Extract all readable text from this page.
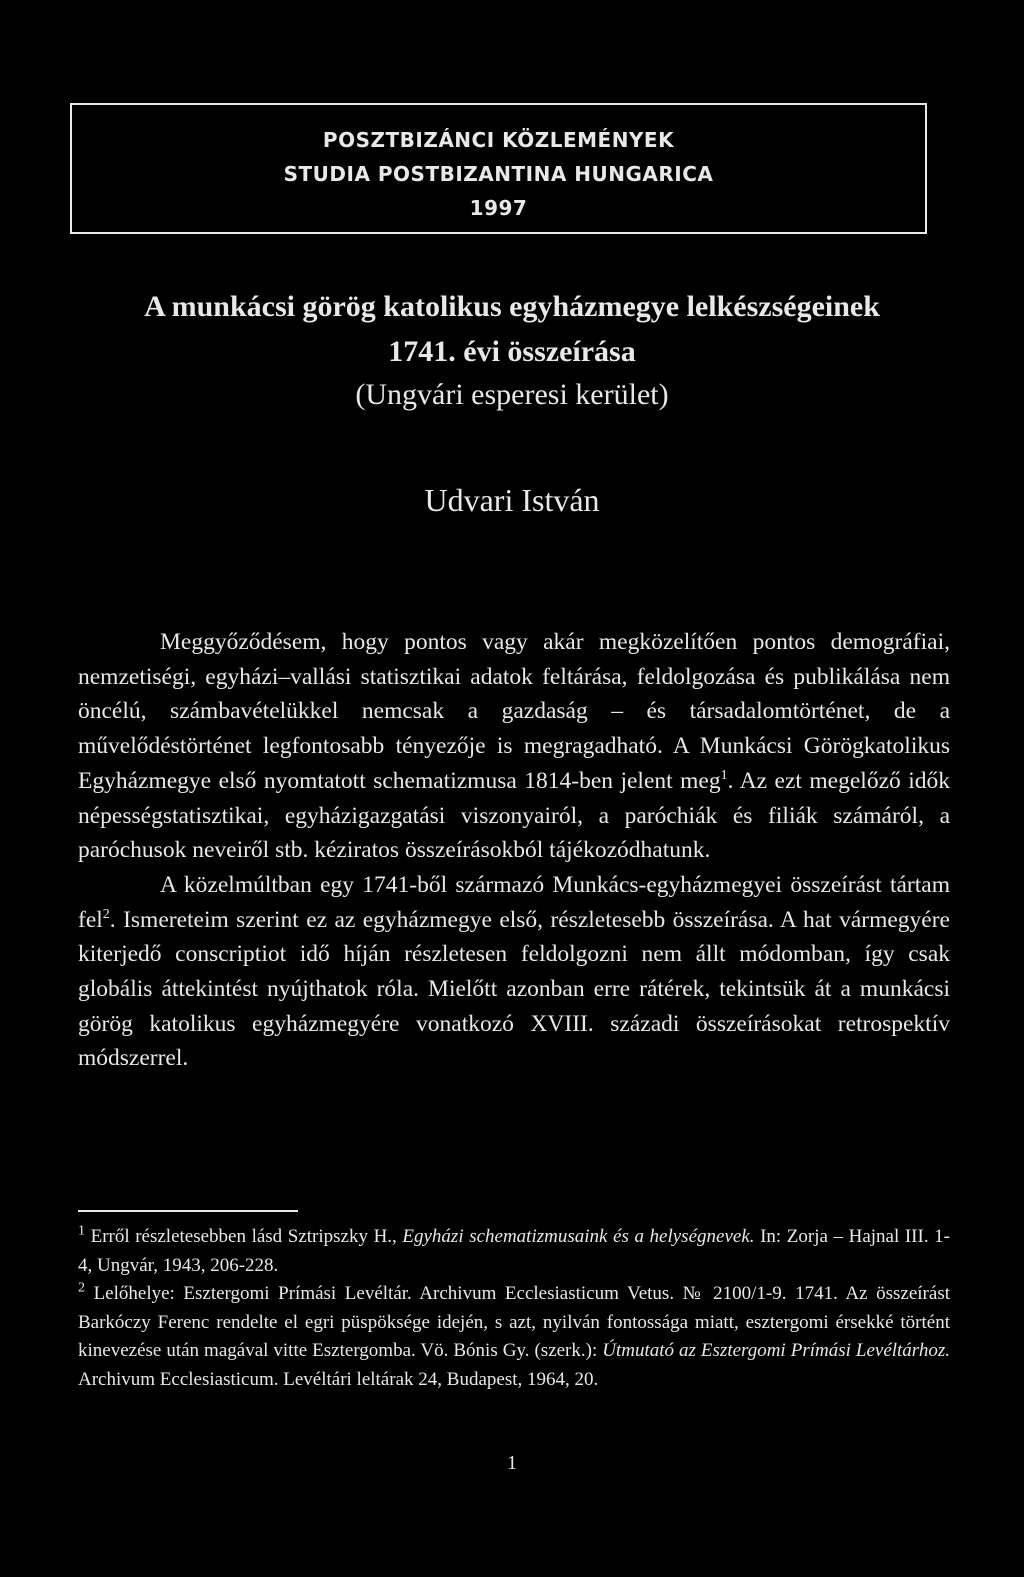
POSZTBIZÁNCI KÖZLEMÉNYEK
STUDIA POSTBIZANTINA HUNGARICA
1997
A munkácsi görög katolikus egyházmegye lelkészségeinek
1741. évi összeírása
(Ungvári esperesi kerület)
Udvari István

Meggyőződésem, hogy pontos vagy akár megközelítően pontos demográfiai, nemzetiségi, egyházi–vallási statisztikai adatok feltárása, feldolgozása és publikálása nem öncélú, számbavételükkel nemcsak a gazdaság – és társadalomtörténet, de a művelődéstörténet legfontosabb tényezője is megragadható. A Munkácsi Görögkatolikus Egyházmegye első nyomtatott schematizmusa 1814-ben jelent meg$^1$. Az ezt megelőző idők népességstatisztikai, egyházigazgatási viszonyairól, a paróchiák és filiák számáról, a paróchusok neveiről stb. kéziratos összeírásokból tájékozódhatunk.

A közelmúltban egy 1741-ből származó Munkács-egyházmegyei összeírást tártam fel$^2$. Ismereteim szerint ez az egyházmegye első, részletesebb összeírása. A hat vármegyére kiterjedő conscriptiot idő híján részletesen feldolgozni nem állt módomban, így csak globális áttekintést nyújthatok róla. Mielőtt azonban erre rátérek, tekintsük át a munkácsi görög katolikus egyházmegyére vonatkozó XVIII. századi összeírásokat retrospektív módszerrel.

$^1$ Erről részletesebben lásd Sztripszky H., Egyházi schematizmusaink és a helységnevek. In: Zorja – Hajnal III. 1-4, Ungvár, 1943, 206-228.

$^2$ Lelőhelye: Esztergomi Prímási Levéltár. Archivum Ecclesiasticum Vetus. № 2100/1-9. 1741. Az összeírást Barkóczy Ferenc rendelte el egri püspöksége idején, s azt, nyilván fontossága miatt, esztergomi érsekké történt kinevezése után magával vitte Esztergomba. Vö. Bónis Gy. (szerk.): Útmutató az Esztergomi Prímási Levéltárhoz. Archivum Ecclesiasticum. Levéltári leltárak 24, Budapest, 1964, 20.

1
